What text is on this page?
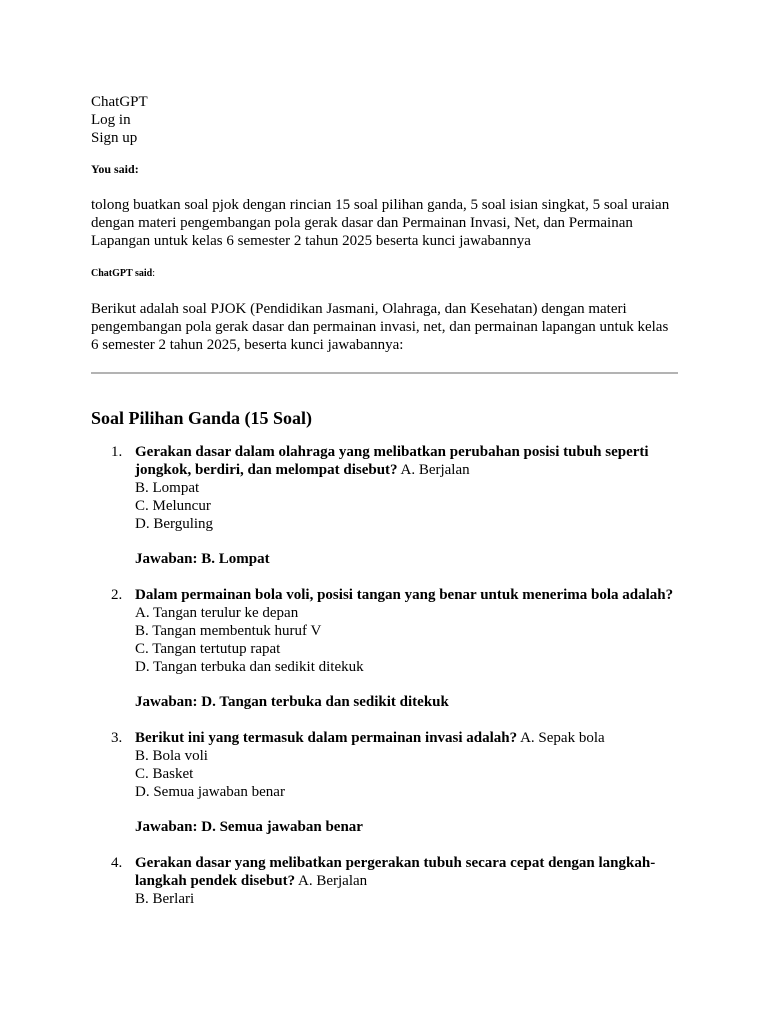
ChatGPT
Log in
Sign up
You said:
tolong buatkan soal pjok dengan rincian 15 soal pilihan ganda, 5 soal isian singkat, 5 soal uraian dengan materi pengembangan pola gerak dasar dan Permainan Invasi, Net, dan Permainan Lapangan untuk kelas 6 semester 2 tahun 2025 beserta kunci jawabannya
ChatGPT said:
Berikut adalah soal PJOK (Pendidikan Jasmani, Olahraga, dan Kesehatan) dengan materi pengembangan pola gerak dasar dan permainan invasi, net, dan permainan lapangan untuk kelas 6 semester 2 tahun 2025, beserta kunci jawabannya:
Soal Pilihan Ganda (15 Soal)
1. Gerakan dasar dalam olahraga yang melibatkan perubahan posisi tubuh seperti jongkok, berdiri, dan melompat disebut? A. Berjalan
B. Lompat
C. Meluncur
D. Berguling
Jawaban: B. Lompat
2. Dalam permainan bola voli, posisi tangan yang benar untuk menerima bola adalah? A. Tangan terulur ke depan
B. Tangan membentuk huruf V
C. Tangan tertutup rapat
D. Tangan terbuka dan sedikit ditekuk
Jawaban: D. Tangan terbuka dan sedikit ditekuk
3. Berikut ini yang termasuk dalam permainan invasi adalah? A. Sepak bola
B. Bola voli
C. Basket
D. Semua jawaban benar
Jawaban: D. Semua jawaban benar
4. Gerakan dasar yang melibatkan pergerakan tubuh secara cepat dengan langkah-langkah pendek disebut? A. Berjalan
B. Berlari
